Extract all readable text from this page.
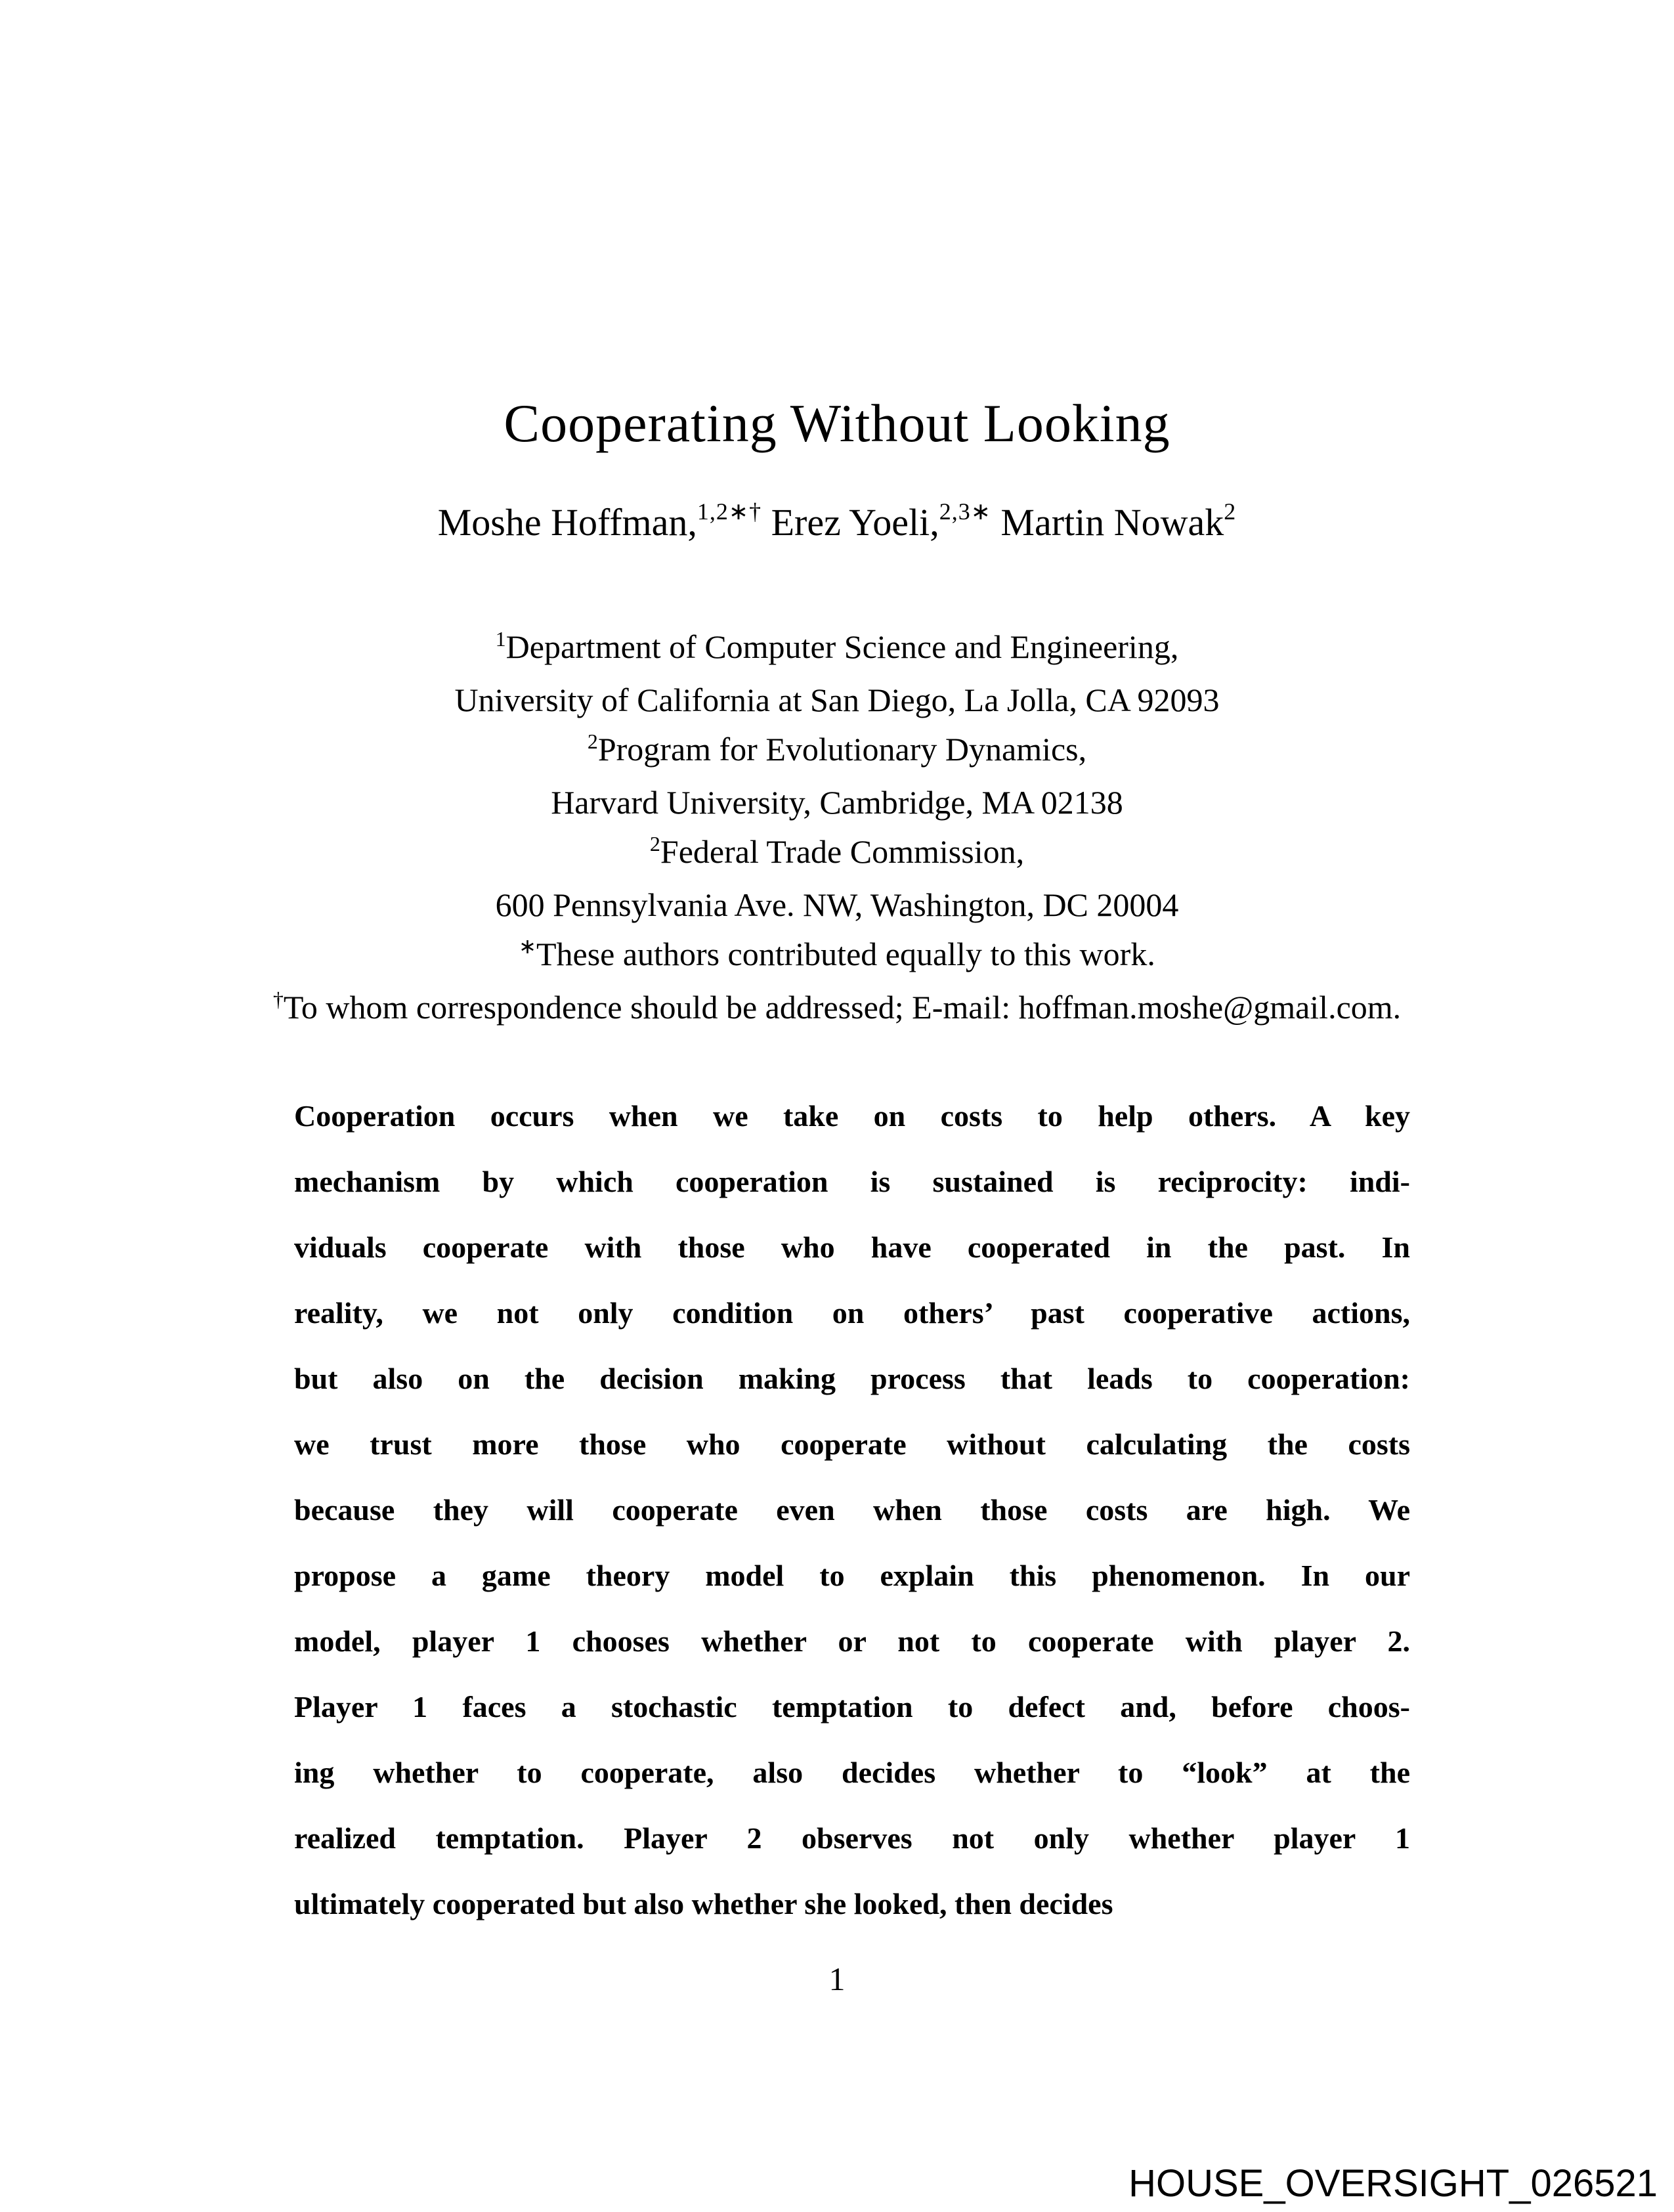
Cooperating Without Looking
Moshe Hoffman,$^{1,2∗\dagger}$ Erez Yoeli,$^{2,3∗}$ Martin Nowak$^2$
$^1$Department of Computer Science and Engineering,
University of California at San Diego, La Jolla, CA 92093
$^2$Program for Evolutionary Dynamics,
Harvard University, Cambridge, MA 02138
$^2$Federal Trade Commission,
600 Pennsylvania Ave. NW, Washington, DC 20004
∗These authors contributed equally to this work.
†To whom correspondence should be addressed; E-mail: hoffman.moshe@gmail.com.
Cooperation occurs when we take on costs to help others. A key
mechanism by which cooperation is sustained is reciprocity: indi-
viduals cooperate with those who have cooperated in the past. In
reality, we not only condition on others’ past cooperative actions,
but also on the decision making process that leads to cooperation:
we trust more those who cooperate without calculating the costs
because they will cooperate even when those costs are high. We
propose a game theory model to explain this phenomenon. In our
model, player 1 chooses whether or not to cooperate with player 2.
Player 1 faces a stochastic temptation to defect and, before choos-
ing whether to cooperate, also decides whether to “look” at the
realized temptation. Player 2 observes not only whether player 1
ultimately cooperated but also whether she looked, then decides
1
HOUSE_OVERSIGHT_026521
